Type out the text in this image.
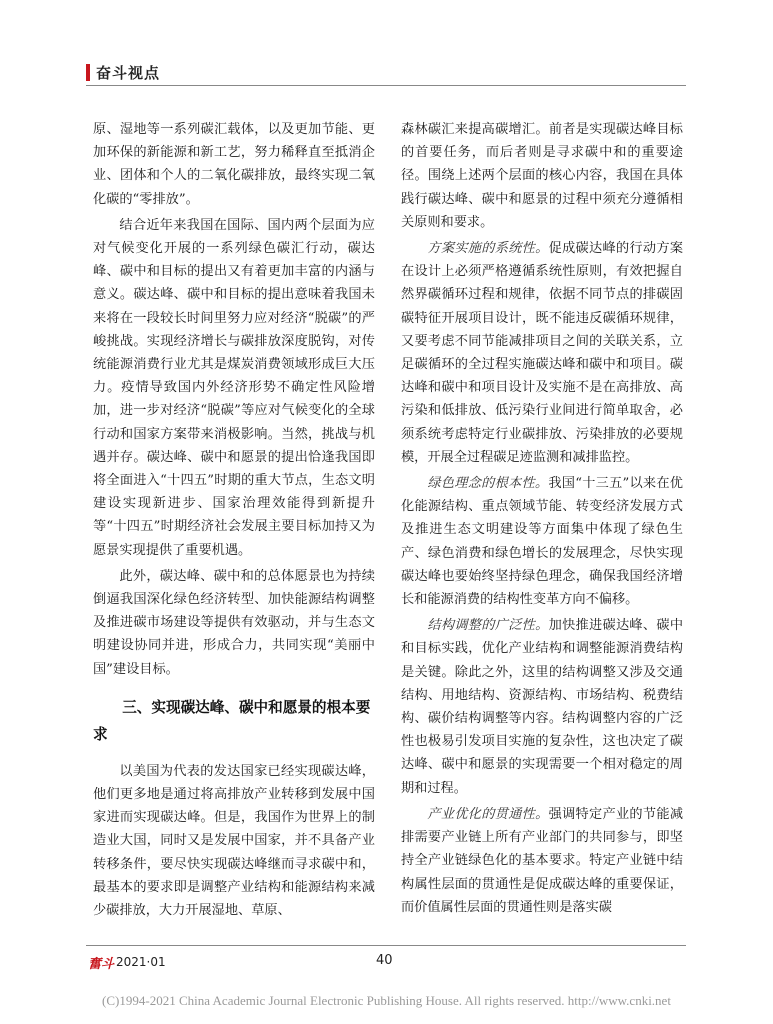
奋斗视点

原、湿地等一系列碳汇载体，以及更加节能、更加环保的新能源和新工艺，努力稀释直至抵消企业、团体和个人的二氧化碳排放，最终实现二氧化碳的“零排放”。

结合近年来我国在国际、国内两个层面为应对气候变化开展的一系列绿色碳汇行动，碳达峰、碳中和目标的提出又有着更加丰富的内涵与意义。碳达峰、碳中和目标的提出意味着我国未来将在一段较长时间里努力应对经济“脱碳”的严峻挑战。实现经济增长与碳排放深度脱钩，对传统能源消费行业尤其是煤炭消费领域形成巨大压力。疫情导致国内外经济形势不确定性风险增加，进一步对经济“脱碳”等应对气候变化的全球行动和国家方案带来消极影响。当然，挑战与机遇并存。碳达峰、碳中和愿景的提出恰逢我国即将全面进入“十四五”时期的重大节点，生态文明建设实现新进步、国家治理效能得到新提升等“十四五”时期经济社会发展主要目标加持又为愿景实现提供了重要机遇。

此外，碳达峰、碳中和的总体愿景也为持续倒逼我国深化绿色经济转型、加快能源结构调整及推进碳市场建设等提供有效驱动，并与生态文明建设协同并进，形成合力，共同实现“美丽中国”建设目标。

三、实现碳达峰、碳中和愿景的根本要求

以美国为代表的发达国家已经实现碳达峰，他们更多地是通过将高排放产业转移到发展中国家进而实现碳达峰。但是，我国作为世界上的制造业大国，同时又是发展中国家，并不具备产业转移条件，要尽快实现碳达峰继而寻求碳中和，最基本的要求即是调整产业结构和能源结构来减少碳排放，大力开展湿地、草原、

森林碳汇来提高碳增汇。前者是实现碳达峰目标的首要任务，而后者则是寻求碳中和的重要途径。围绕上述两个层面的核心内容，我国在具体践行碳达峰、碳中和愿景的过程中须充分遵循相关原则和要求。

方案实施的系统性。促成碳达峰的行动方案在设计上必须严格遵循系统性原则，有效把握自然界碳循环过程和规律，依据不同节点的排碳固碳特征开展项目设计，既不能违反碳循环规律，又要考虑不同节能减排项目之间的关联关系，立足碳循环的全过程实施碳达峰和碳中和项目。碳达峰和碳中和项目设计及实施不是在高排放、高污染和低排放、低污染行业间进行简单取舍，必须系统考虑特定行业碳排放、污染排放的必要规模，开展全过程碳足迹监测和减排监控。

绿色理念的根本性。我国“十三五”以来在优化能源结构、重点领域节能、转变经济发展方式及推进生态文明建设等方面集中体现了绿色生产、绿色消费和绿色增长的发展理念，尽快实现碳达峰也要始终坚持绿色理念，确保我国经济增长和能源消费的结构性变革方向不偏移。

结构调整的广泛性。加快推进碳达峰、碳中和目标实践，优化产业结构和调整能源消费结构是关键。除此之外，这里的结构调整又涉及交通结构、用地结构、资源结构、市场结构、税费结构、碳价结构调整等内容。结构调整内容的广泛性也极易引发项目实施的复杂性，这也决定了碳达峰、碳中和愿景的实现需要一个相对稳定的周期和过程。

产业优化的贯通性。强调特定产业的节能减排需要产业链上所有产业部门的共同参与，即坚持全产业链绿色化的基本要求。特定产业链中结构属性层面的贯通性是促成碳达峰的重要保证，而价值属性层面的贯通性则是落实碳

奮斗 2021·01	40
(C)1994-2021 China Academic Journal Electronic Publishing House. All rights reserved. http://www.cnki.net
